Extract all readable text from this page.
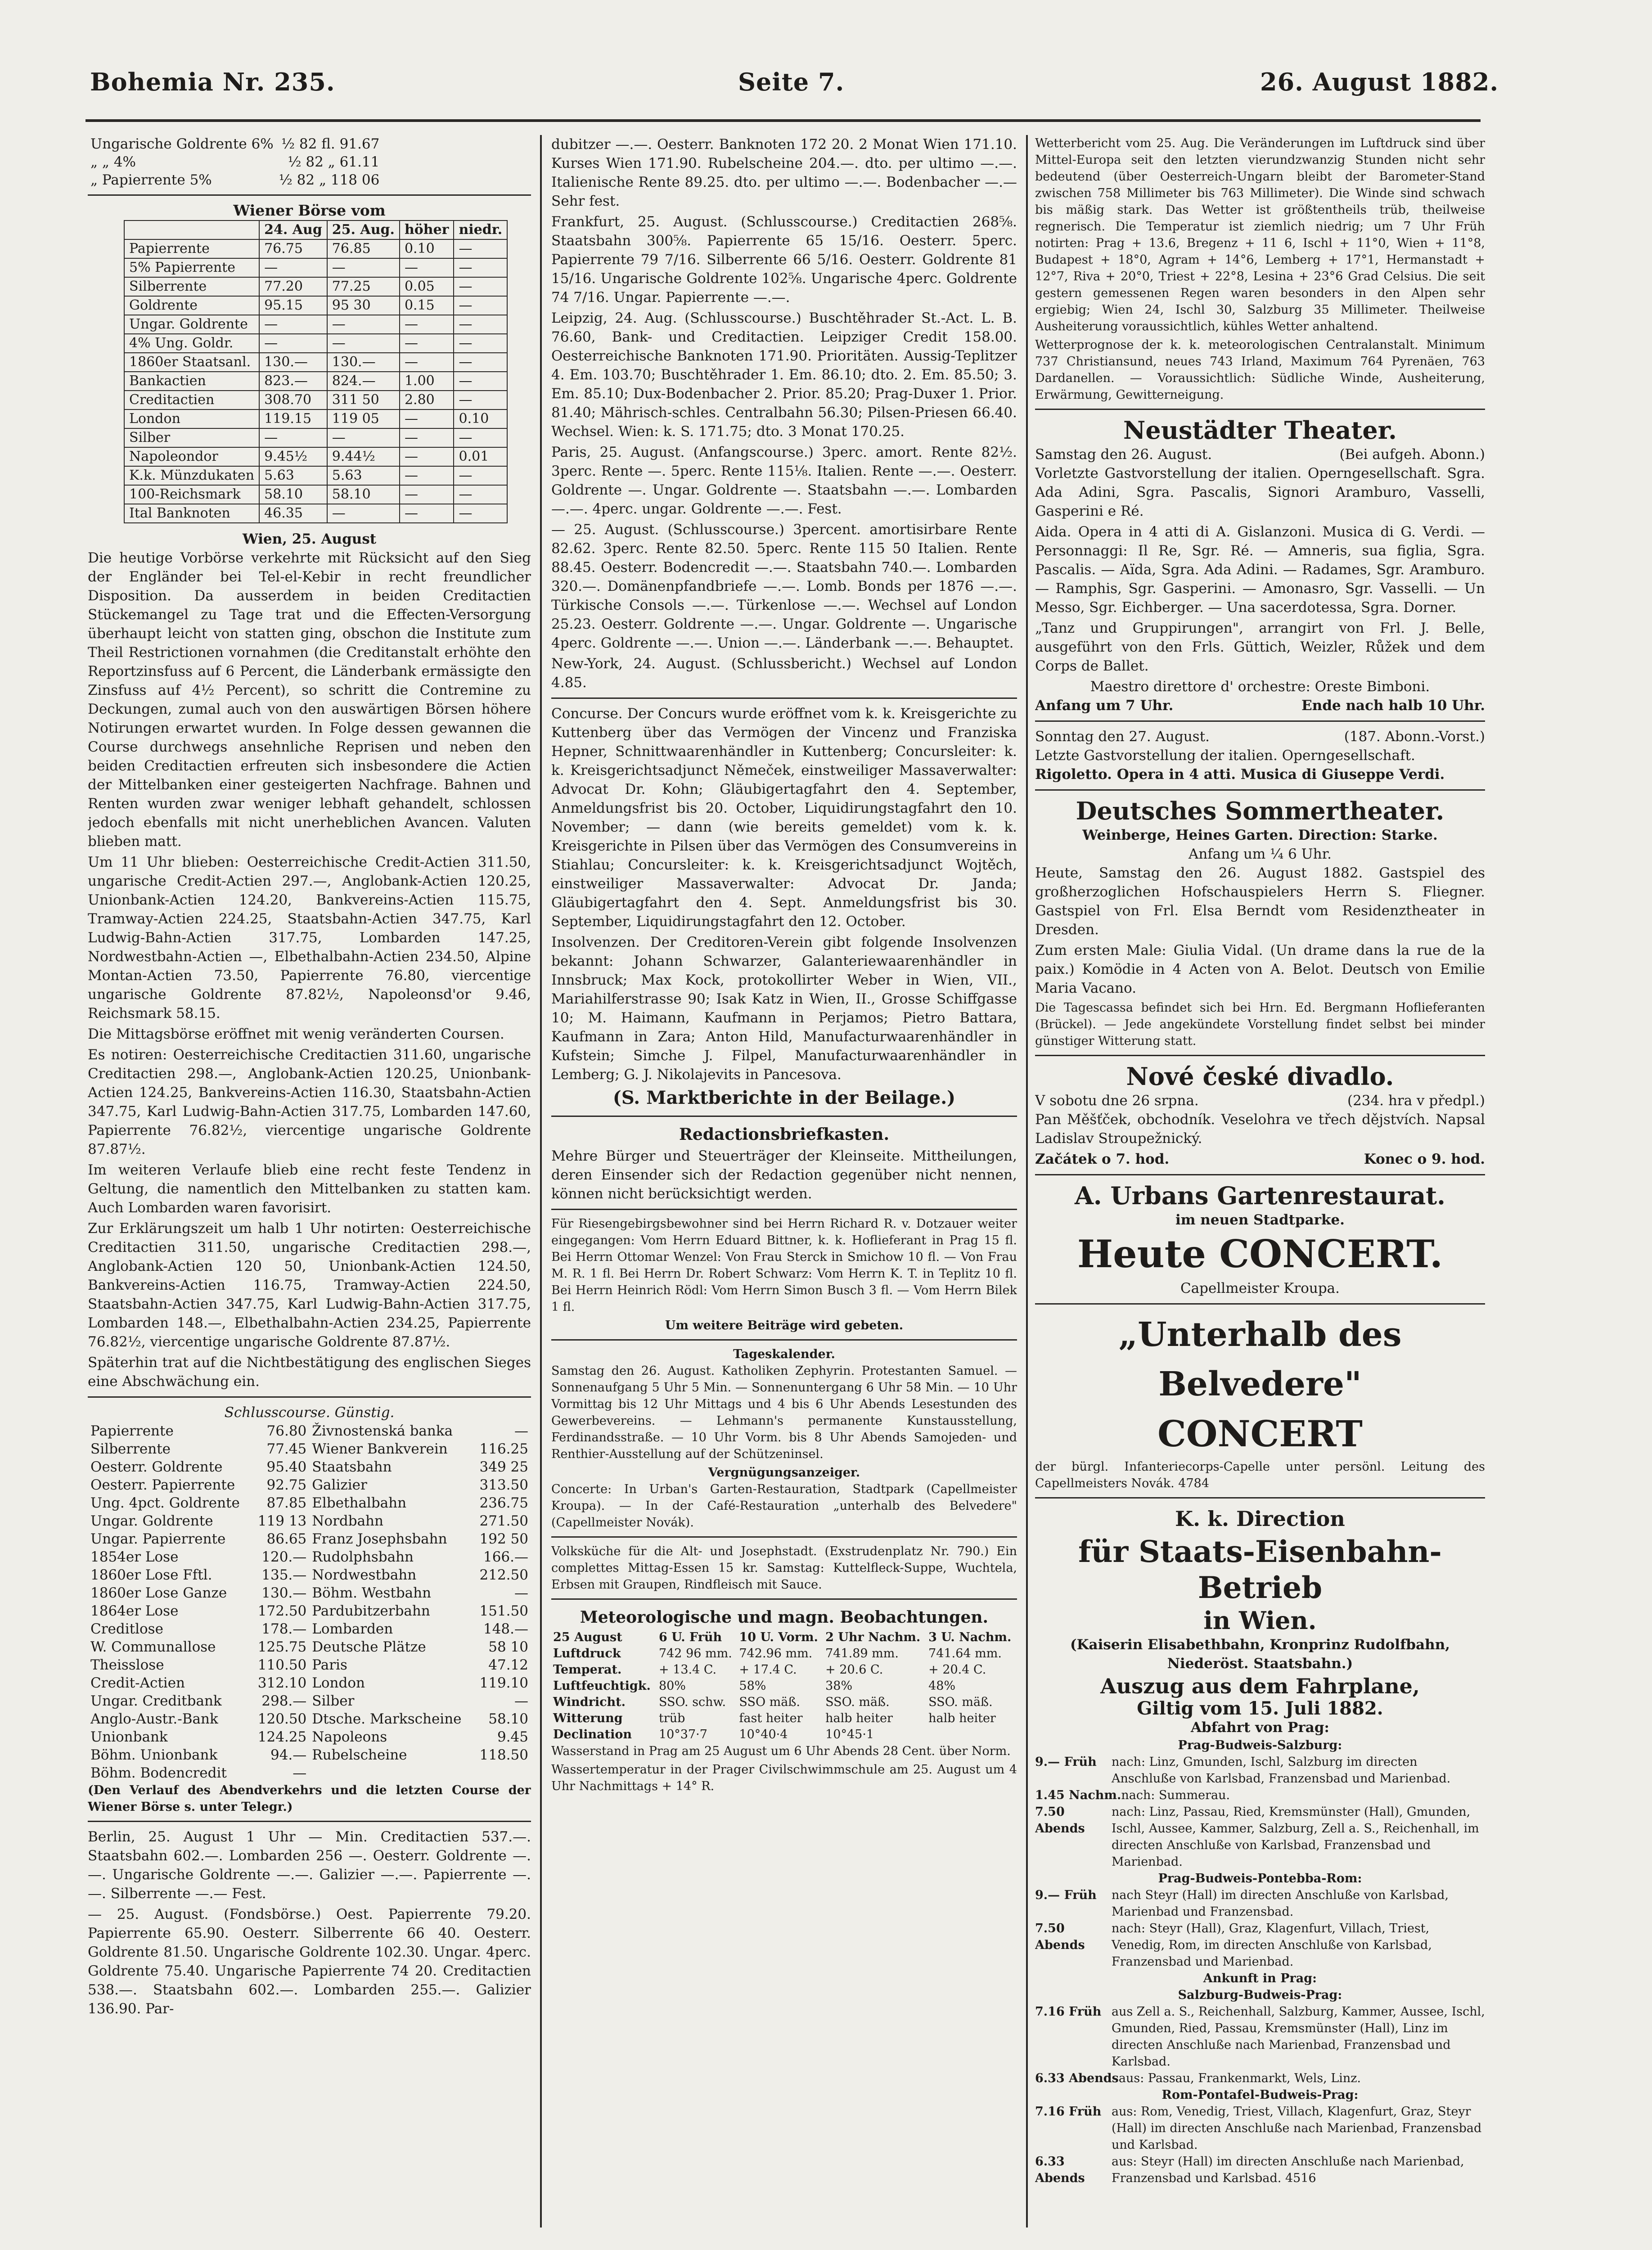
Bohemia Nr. 235.	Seite 7.	26. August 1882.
Ungarische Goldrente 6%	½ 82 fl. 91.67
„ „ 4%	½ 82 „ 61.11
„ Papierrente 5%	½ 82 „ 118 06
Wiener Börse vom
	24. Aug	25. Aug.	höher	niedr.
Papierrente	76.75	76.85	0.10	—
5% Papierrente	—	—	—	—
Silberrente	77.20	77.25	0.05	—
Goldrente	95.15	95 30	0.15	—
Ungar. Goldrente	—	—	—	—
4% Ung. Goldr.	—	—	—	—
1860er Staatsanl.	130.—	130.—	—	—
Bankactien	823.—	824.—	1.00	—
Creditactien	308.70	311 50	2.80	—
London	119.15	119 05	—	0.10
Silber	—	—	—	—
Napoleondor	9.45½	9.44½	—	0.01
K.k. Münzdukaten	5.63	5.63	—	—
100-Reichsmark	58.10	58.10	—	—
Ital Banknoten	46.35	—	—	—
Wien, 25. August

Die heutige Vorbörse verkehrte mit Rücksicht auf den Sieg der Engländer bei Tel-el-Kebir in recht freundlicher Disposition. Da ausserdem in beiden Creditactien Stückemangel zu Tage trat und die Effecten-Versorgung überhaupt leicht von statten ging, obschon die Institute zum Theil Restrictionen vornahmen (die Creditanstalt erhöhte den Reportzinsfuss auf 6 Percent, die Länderbank ermässigte den Zinsfuss auf 4½ Percent), so schritt die Contremine zu Deckungen, zumal auch von den auswärtigen Börsen höhere Notirungen erwartet wurden. In Folge dessen gewannen die Course durchwegs ansehnliche Reprisen und neben den beiden Creditactien erfreuten sich insbesondere die Actien der Mittelbanken einer gesteigerten Nachfrage. Bahnen und Renten wurden zwar weniger lebhaft gehandelt, schlossen jedoch ebenfalls mit nicht unerheblichen Avancen. Valuten blieben matt.

Um 11 Uhr blieben: Oesterreichische Credit-Actien 311.50, ungarische Credit-Actien 297.—, Anglobank-Actien 120.25, Unionbank-Actien 124.20, Bankvereins-Actien 115.75, Tramway-Actien 224.25, Staatsbahn-Actien 347.75, Karl Ludwig-Bahn-Actien 317.75, Lombarden 147.25, Nordwestbahn-Actien —, Elbethalbahn-Actien 234.50, Alpine Montan-Actien 73.50, Papierrente 76.80, viercentige ungarische Goldrente 87.82½, Napoleonsd'or 9.46, Reichsmark 58.15.

Die Mittagsbörse eröffnet mit wenig veränderten Coursen.

Es notiren: Oesterreichische Creditactien 311.60, ungarische Creditactien 298.—, Anglobank-Actien 120.25, Unionbank-Actien 124.25, Bankvereins-Actien 116.30, Staatsbahn-Actien 347.75, Karl Ludwig-Bahn-Actien 317.75, Lombarden 147.60, Papierrente 76.82½, viercentige ungarische Goldrente 87.87½.

Im weiteren Verlaufe blieb eine recht feste Tendenz in Geltung, die namentlich den Mittelbanken zu statten kam. Auch Lombarden waren favorisirt.

Zur Erklärungszeit um halb 1 Uhr notirten: Oesterreichische Creditactien 311.50, ungarische Creditactien 298.—, Anglobank-Actien 120 50, Unionbank-Actien 124.50, Bankvereins-Actien 116.75, Tramway-Actien 224.50, Staatsbahn-Actien 347.75, Karl Ludwig-Bahn-Actien 317.75, Lombarden 148.—, Elbethalbahn-Actien 234.25, Papierrente 76.82½, viercentige ungarische Goldrente 87.87½.

Späterhin trat auf die Nichtbestätigung des englischen Sieges eine Abschwächung ein.

Schlusscourse. Günstig.
Papierrente	76.80	Živnostenská banka	—
Silberrente	77.45	Wiener Bankverein	116.25
Oesterr. Goldrente	95.40	Staatsbahn	349 25
Oesterr. Papierrente	92.75	Galizier	313.50
Ung. 4pct. Goldrente	87.85	Elbethalbahn	236.75
Ungar. Goldrente	119 13	Nordbahn	271.50
Ungar. Papierrente	86.65	Franz Josephsbahn	192 50
1854er Lose	120.—	Rudolphsbahn	166.—
1860er Lose Fftl.	135.—	Nordwestbahn	212.50
1860er Lose Ganze	130.—	Böhm. Westbahn	—
1864er Lose	172.50	Pardubitzerbahn	151.50
Creditlose	178.—	Lombarden	148.—
W. Communallose	125.75	Deutsche Plätze	58 10
Theisslose	110.50	Paris	47.12
Credit-Actien	312.10	London	119.10
Ungar. Creditbank	298.—	Silber	—
Anglo-Austr.-Bank	120.50	Dtsche. Markscheine	58.10
Unionbank	124.25	Napoleons	9.45
Böhm. Unionbank	94.—	Rubelscheine	118.50
Böhm. Bodencredit	—		

(Den Verlauf des Abendverkehrs und die letzten Course der Wiener Börse s. unter Telegr.)

Berlin, 25. August 1 Uhr — Min. Creditactien 537.—. Staatsbahn 602.—. Lombarden 256 —. Oesterr. Goldrente —.—. Ungarische Goldrente —.—. Galizier —.—. Papierrente —.—. Silberrente —.— Fest.

— 25. August. (Fondsbörse.) Oest. Papierrente 79.20. Papierrente 65.90. Oesterr. Silberrente 66 40. Oesterr. Goldrente 81.50. Ungarische Goldrente 102.30. Ungar. 4perc. Goldrente 75.40. Ungarische Papierrente 74 20. Creditactien 538.—. Staatsbahn 602.—. Lombarden 255.—. Galizier 136.90. Par-

dubitzer —.—. Oesterr. Banknoten 172 20. 2 Monat Wien 171.10. Kurses Wien 171.90. Rubelscheine 204.—. dto. per ultimo —.—. Italienische Rente 89.25. dto. per ultimo —.—. Bodenbacher —.— Sehr fest.

Frankfurt, 25. August. (Schlusscourse.) Creditactien 268⅝. Staatsbahn 300⅝. Papierrente 65 15/16. Oesterr. 5perc. Papierrente 79 7/16. Silberrente 66 5/16. Oesterr. Goldrente 81 15/16. Ungarische Goldrente 102⅝. Ungarische 4perc. Goldrente 74 7/16. Ungar. Papierrente —.—.

Leipzig, 24. Aug. (Schlusscourse.) Buschtěhrader St.-Act. L. B. 76.60, Bank- und Creditactien. Leipziger Credit 158.00. Oesterreichische Banknoten 171.90. Prioritäten. Aussig-Teplitzer 4. Em. 103.70; Buschtěhrader 1. Em. 86.10; dto. 2. Em. 85.50; 3. Em. 85.10; Dux-Bodenbacher 2. Prior. 85.20; Prag-Duxer 1. Prior. 81.40; Mährisch-schles. Centralbahn 56.30; Pilsen-Priesen 66.40. Wechsel. Wien: k. S. 171.75; dto. 3 Monat 170.25.

Paris, 25. August. (Anfangscourse.) 3perc. amort. Rente 82½. 3perc. Rente —. 5perc. Rente 115⅛. Italien. Rente —.—. Oesterr. Goldrente —. Ungar. Goldrente —. Staatsbahn —.—. Lombarden —.—. 4perc. ungar. Goldrente —.—. Fest.

— 25. August. (Schlusscourse.) 3percent. amortisirbare Rente 82.62. 3perc. Rente 82.50. 5perc. Rente 115 50 Italien. Rente 88.45. Oesterr. Bodencredit —.—. Staatsbahn 740.—. Lombarden 320.—. Domänenpfandbriefe —.—. Lomb. Bonds per 1876 —.—. Türkische Consols —.—. Türkenlose —.—. Wechsel auf London 25.23. Oesterr. Goldrente —.—. Ungar. Goldrente —. Ungarische 4perc. Goldrente —.—. Union —.—. Länderbank —.—. Behauptet.

New-York, 24. August. (Schlussbericht.) Wechsel auf London 4.85.

Concurse. Der Concurs wurde eröffnet vom k. k. Kreisgerichte zu Kuttenberg über das Vermögen der Vincenz und Franziska Hepner, Schnittwaarenhändler in Kuttenberg; Concursleiter: k. k. Kreisgerichtsadjunct Němeček, einstweiliger Massaverwalter: Advocat Dr. Kohn; Gläubigertagfahrt den 4. September, Anmeldungsfrist bis 20. October, Liquidirungstagfahrt den 10. November; — dann (wie bereits gemeldet) vom k. k. Kreisgerichte in Pilsen über das Vermögen des Consumvereins in Stiahlau; Concursleiter: k. k. Kreisgerichtsadjunct Wojtěch, einstweiliger Massaverwalter: Advocat Dr. Janda; Gläubigertagfahrt den 4. Sept. Anmeldungsfrist bis 30. September, Liquidirungstagfahrt den 12. October.

Insolvenzen. Der Creditoren-Verein gibt folgende Insolvenzen bekannt: Johann Schwarzer, Galanteriewaarenhändler in Innsbruck; Max Kock, protokollirter Weber in Wien, VII., Mariahilferstrasse 90; Isak Katz in Wien, II., Grosse Schiffgasse 10; M. Haimann, Kaufmann in Perjamos; Pietro Battara, Kaufmann in Zara; Anton Hild, Manufacturwaarenhändler in Kufstein; Simche J. Filpel, Manufacturwaarenhändler in Lemberg; G. J. Nikolajevits in Pancesova.

(S. Marktberichte in der Beilage.)
Redactionsbriefkasten.

Mehre Bürger und Steuerträger der Kleinseite. Mittheilungen, deren Einsender sich der Redaction gegenüber nicht nennen, können nicht berücksichtigt werden.

Für Riesengebirgsbewohner sind bei Herrn Richard R. v. Dotzauer weiter eingegangen: Vom Herrn Eduard Bittner, k. k. Hoflieferant in Prag 15 fl. Bei Herrn Ottomar Wenzel: Von Frau Sterck in Smichow 10 fl. — Von Frau M. R. 1 fl. Bei Herrn Dr. Robert Schwarz: Vom Herrn K. T. in Teplitz 10 fl. Bei Herrn Heinrich Rödl: Vom Herrn Simon Busch 3 fl. — Vom Herrn Bilek 1 fl.

Um weitere Beiträge wird gebeten.
Tageskalender.

Samstag den 26. August. Katholiken Zephyrin. Protestanten Samuel. — Sonnenaufgang 5 Uhr 5 Min. — Sonnenuntergang 6 Uhr 58 Min. — 10 Uhr Vormittag bis 12 Uhr Mittags und 4 bis 6 Uhr Abends Lesestunden des Gewerbevereins. — Lehmann's permanente Kunstausstellung, Ferdinandsstraße. — 10 Uhr Vorm. bis 8 Uhr Abends Samojeden- und Renthier-Ausstellung auf der Schützeninsel.

Vergnügungsanzeiger.

Concerte: In Urban's Garten-Restauration, Stadtpark (Capellmeister Kroupa). — In der Café-Restauration „unterhalb des Belvedere" (Capellmeister Novák).

Volksküche für die Alt- und Josephstadt. (Exstrudenplatz Nr. 790.) Ein complettes Mittag-Essen 15 kr. Samstag: Kuttelfleck-Suppe, Wuchtela, Erbsen mit Graupen, Rindfleisch mit Sauce.

Meteorologische und magn. Beobachtungen.
25 August	6 U. Früh	10 U. Vorm.	2 Uhr Nachm.	3 U. Nachm.
Luftdruck	742 96 mm.	742.96 mm.	741.89 mm.	741.64 mm.
Temperat.	+ 13.4 C.	+ 17.4 C.	+ 20.6 C.	+ 20.4 C.
Luftfeuchtigk.	80%	58%	38%	48%
Windricht.	SSO. schw.	SSO mäß.	SSO. mäß.	SSO. mäß.
Witterung	trüb	fast heiter	halb heiter	halb heiter
Declination	10°37·7	10°40·4	10°45·1	

Wasserstand in Prag am 25 August um 6 Uhr Abends 28 Cent. über Norm.

Wassertemperatur in der Prager Civilschwimmschule am 25. August um 4 Uhr Nachmittags + 14° R.

Wetterbericht vom 25. Aug. Die Veränderungen im Luftdruck sind über Mittel-Europa seit den letzten vierundzwanzig Stunden nicht sehr bedeutend (über Oesterreich-Ungarn bleibt der Barometer-Stand zwischen 758 Millimeter bis 763 Millimeter). Die Winde sind schwach bis mäßig stark. Das Wetter ist größtentheils trüb, theilweise regnerisch. Die Temperatur ist ziemlich niedrig; um 7 Uhr Früh notirten: Prag + 13.6, Bregenz + 11 6, Ischl + 11°0, Wien + 11°8, Budapest + 18°0, Agram + 14°6, Lemberg + 17°1, Hermanstadt + 12°7, Riva + 20°0, Triest + 22°8, Lesina + 23°6 Grad Celsius. Die seit gestern gemessenen Regen waren besonders in den Alpen sehr ergiebig; Wien 24, Ischl 30, Salzburg 35 Millimeter. Theilweise Ausheiterung voraussichtlich, kühles Wetter anhaltend.

Wetterprognose der k. k. meteorologischen Centralanstalt. Minimum 737 Christiansund, neues 743 Irland, Maximum 764 Pyrenäen, 763 Dardanellen. — Voraussichtlich: Südliche Winde, Ausheiterung, Erwärmung, Gewitterneigung.

Neustädter Theater.
Samstag den 26. August.	(Bei aufgeh. Abonn.)

Vorletzte Gastvorstellung der italien. Operngesellschaft. Sgra. Ada Adini, Sgra. Pascalis, Signori Aramburo, Vasselli, Gasperini e Ré.

Aida. Opera in 4 atti di A. Gislanzoni. Musica di G. Verdi. — Personnaggi: Il Re, Sgr. Ré. — Amneris, sua figlia, Sgra. Pascalis. — Aïda, Sgra. Ada Adini. — Radames, Sgr. Aramburo. — Ramphis, Sgr. Gasperini. — Amonasro, Sgr. Vasselli. — Un Messo, Sgr. Eichberger. — Una sacerdotessa, Sgra. Dorner.

„Tanz und Gruppirungen", arrangirt von Frl. J. Belle, ausgeführt von den Frls. Güttich, Weizler, Růžek und dem Corps de Ballet.

Maestro direttore d' orchestre: Oreste Bimboni.
Anfang um 7 Uhr.	Ende nach halb 10 Uhr.
Sonntag den 27. August.	(187. Abonn.-Vorst.)
Letzte Gastvorstellung der italien. Operngesellschaft.
Rigoletto. Opera in 4 atti. Musica di Giuseppe Verdi.
Deutsches Sommertheater.
Weinberge, Heines Garten. Direction: Starke.
Anfang um ¼ 6 Uhr.

Heute, Samstag den 26. August 1882. Gastspiel des großherzoglichen Hofschauspielers Herrn S. Fliegner. Gastspiel von Frl. Elsa Berndt vom Residenztheater in Dresden.

Zum ersten Male: Giulia Vidal. (Un drame dans la rue de la paix.) Komödie in 4 Acten von A. Belot. Deutsch von Emilie Maria Vacano.

Die Tagescassa befindet sich bei Hrn. Ed. Bergmann Hoflieferanten (Brückel). — Jede angekündete Vorstellung findet selbst bei minder günstiger Witterung statt.

Nové české divadlo.
V sobotu dne 26 srpna.	(234. hra v předpl.)

Pan Měšťček, obchodník. Veselohra ve třech dějstvích. Napsal Ladislav Stroupežnický.

Začátek o 7. hod.	Konec o 9. hod.
A. Urbans Gartenrestaurat.
im neuen Stadtparke.
Heute CONCERT.
Capellmeister Kroupa.
„Unterhalb des Belvedere"
CONCERT

der bürgl. Infanteriecorps-Capelle unter persönl. Leitung des Capellmeisters Novák. 4784

K. k. Direction
für Staats-Eisenbahn-Betrieb
in Wien.
(Kaiserin Elisabethbahn, Kronprinz Rudolfbahn, Niederöst. Staatsbahn.)
Auszug aus dem Fahrplane,
Giltig vom 15. Juli 1882.
Abfahrt von Prag:
Prag-Budweis-Salzburg:
9.— Früh	nach: Linz, Gmunden, Ischl, Salzburg im directen Anschluße von Karlsbad, Franzensbad und Marienbad.
1.45 Nachm. nach: Summerau.
7.50 Abends
nach: Linz, Passau, Ried, Kremsmünster (Hall), Gmunden, Ischl, Aussee, Kammer, Salzburg, Zell a. S., Reichenhall, im directen Anschluße von Karlsbad, Franzensbad und Marienbad.
Prag-Budweis-Pontebba-Rom:
9.— Früh	nach Steyr (Hall) im directen Anschluße von Karlsbad, Marienbad und Franzensbad.
7.50 Abends
nach: Steyr (Hall), Graz, Klagenfurt, Villach, Triest, Venedig, Rom, im directen Anschluße von Karlsbad, Franzensbad und Marienbad.
Ankunft in Prag:
Salzburg-Budweis-Prag:
7.16 Früh aus Zell a. S., Reichenhall, Salzburg, Kammer, Aussee, Ischl, Gmunden, Ried, Passau, Kremsmünster (Hall), Linz im directen Anschluße nach Marienbad, Franzensbad und Karlsbad.
6.33 Abends aus: Passau, Frankenmarkt, Wels, Linz.
Rom-Pontafel-Budweis-Prag:
7.16 Früh aus: Rom, Venedig, Triest, Villach, Klagenfurt, Graz, Steyr (Hall) im directen Anschluße nach Marienbad, Franzensbad und Karlsbad.
6.33 Abends
aus: Steyr (Hall) im directen Anschluße nach Marienbad, Franzensbad und Karlsbad. 4516
